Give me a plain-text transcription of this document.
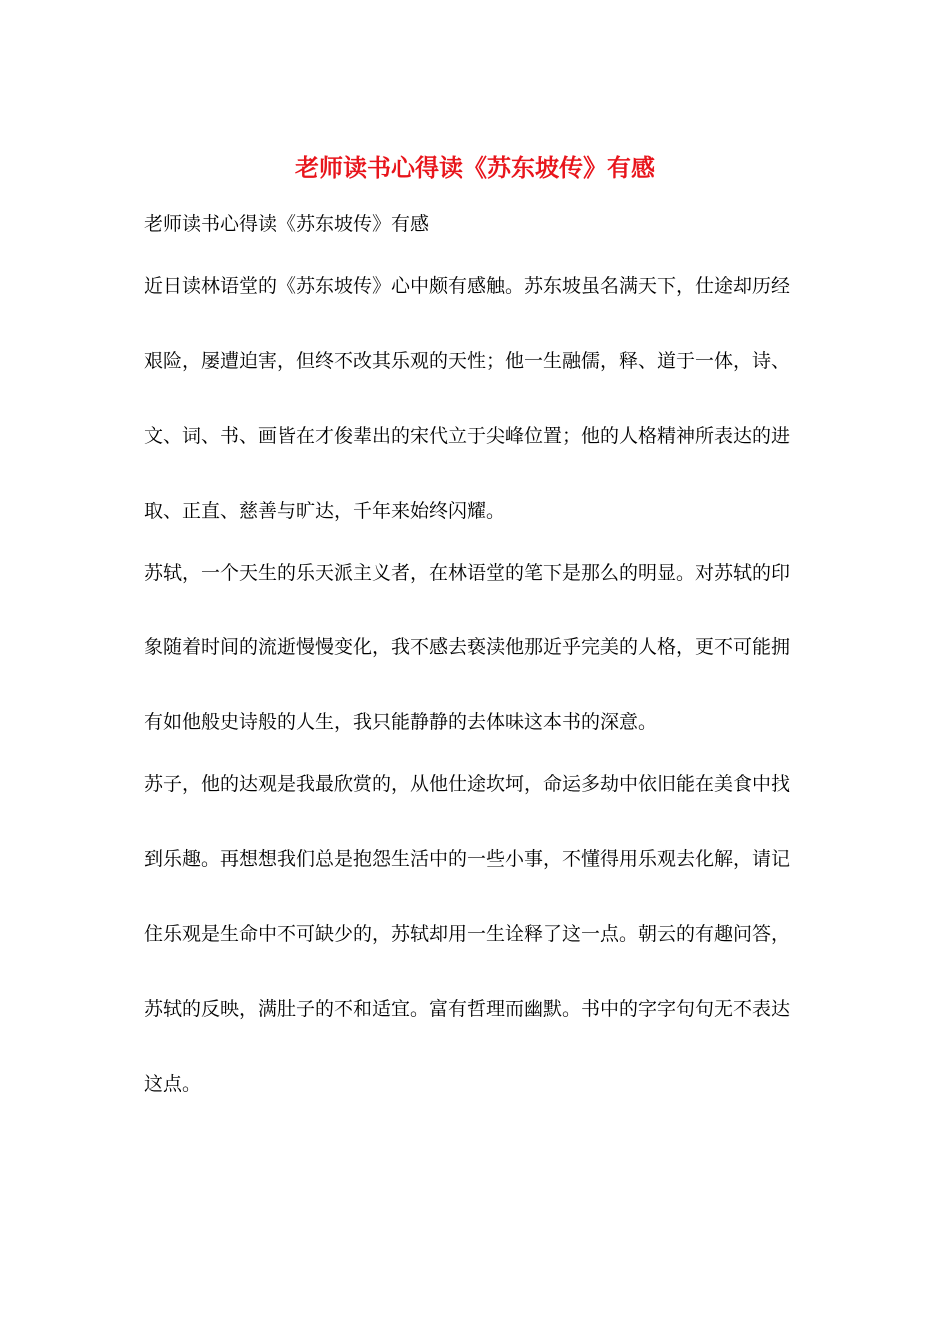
老师读书心得读《苏东坡传》有感
老师读书心得读《苏东坡传》有感
近日读林语堂的《苏东坡传》心中颇有感触。苏东坡虽名满天下，仕途却历经
艰险，屡遭迫害，但终不改其乐观的天性；他一生融儒，释、道于一体，诗、
文、词、书、画皆在才俊辈出的宋代立于尖峰位置；他的人格精神所表达的进
取、正直、慈善与旷达，千年来始终闪耀。
苏轼，一个天生的乐天派主义者，在林语堂的笔下是那么的明显。对苏轼的印
象随着时间的流逝慢慢变化，我不感去亵渎他那近乎完美的人格，更不可能拥
有如他般史诗般的人生，我只能静静的去体味这本书的深意。
苏子，他的达观是我最欣赏的，从他仕途坎坷，命运多劫中依旧能在美食中找
到乐趣。再想想我们总是抱怨生活中的一些小事，不懂得用乐观去化解，请记
住乐观是生命中不可缺少的，苏轼却用一生诠释了这一点。朝云的有趣问答，
苏轼的反映，满肚子的不和适宜。富有哲理而幽默。书中的字字句句无不表达
这点。
